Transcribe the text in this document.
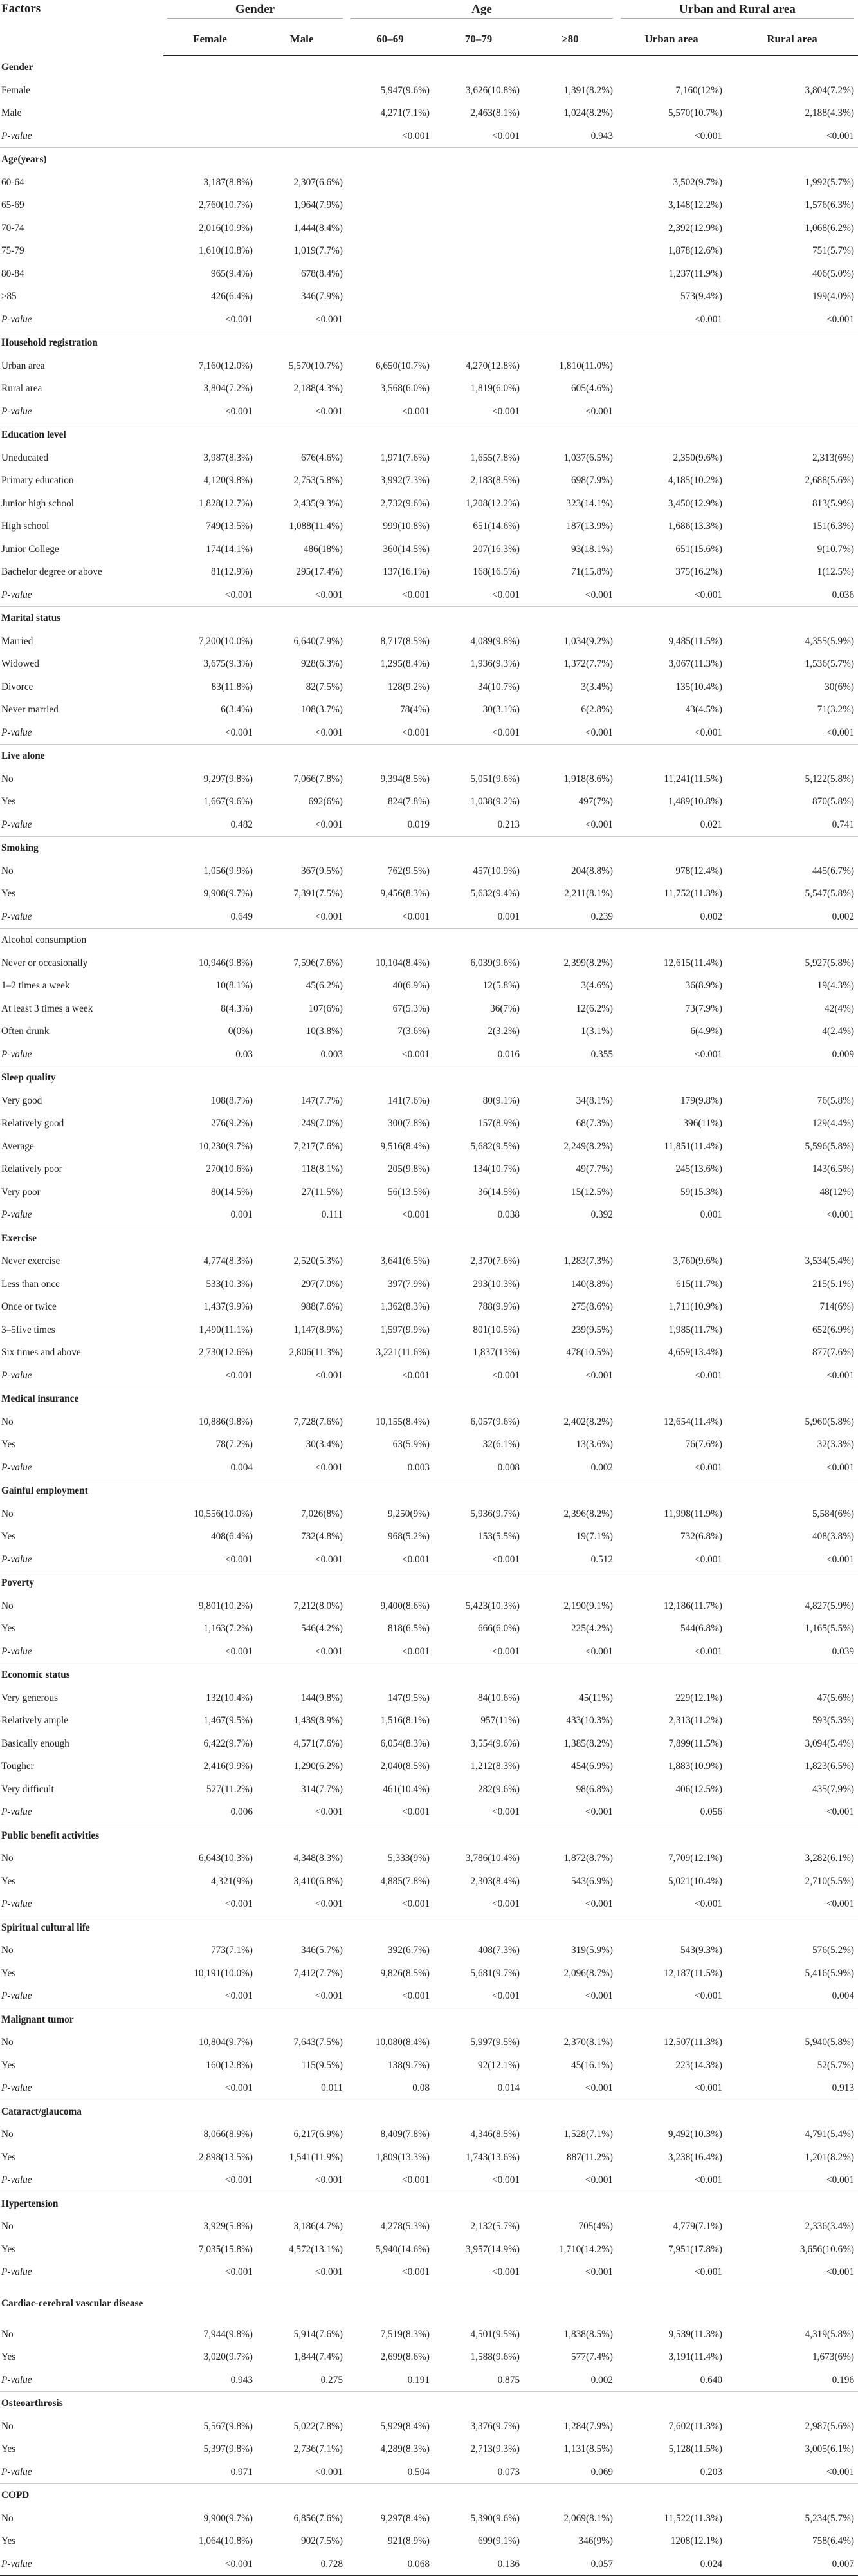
Factors	Gender		Age			Urban and Rural area	

	Female	Male	60–69	70–79	≥80	Urban area	Rural area
Gender							
Female			5,947(9.6%)	3,626(10.8%)	1,391(8.2%)	7,160(12%)	3,804(7.2%)
Male			4,271(7.1%)	2,463(8.1%)	1,024(8.2%)	5,570(10.7%)	2,188(4.3%)
P-value			<0.001	<0.001	0.943	<0.001	<0.001
Age(years)							
60-64	3,187(8.8%)	2,307(6.6%)				3,502(9.7%)	1,992(5.7%)
65-69	2,760(10.7%)	1,964(7.9%)				3,148(12.2%)	1,576(6.3%)
70-74	2,016(10.9%)	1,444(8.4%)				2,392(12.9%)	1,068(6.2%)
75-79	1,610(10.8%)	1,019(7.7%)				1,878(12.6%)	751(5.7%)
80-84	965(9.4%)	678(8.4%)				1,237(11.9%)	406(5.0%)
≥85	426(6.4%)	346(7.9%)				573(9.4%)	199(4.0%)
P-value	<0.001	<0.001				<0.001	<0.001
Household registration							
Urban area	7,160(12.0%)	5,570(10.7%)	6,650(10.7%)	4,270(12.8%)	1,810(11.0%)		
Rural area	3,804(7.2%)	2,188(4.3%)	3,568(6.0%)	1,819(6.0%)	605(4.6%)		
P-value	<0.001	<0.001	<0.001	<0.001	<0.001		
Education level							
Uneducated	3,987(8.3%)	676(4.6%)	1,971(7.6%)	1,655(7.8%)	1,037(6.5%)	2,350(9.6%)	2,313(6%)
Primary education	4,120(9.8%)	2,753(5.8%)	3,992(7.3%)	2,183(8.5%)	698(7.9%)	4,185(10.2%)	2,688(5.6%)
Junior high school	1,828(12.7%)	2,435(9.3%)	2,732(9.6%)	1,208(12.2%)	323(14.1%)	3,450(12.9%)	813(5.9%)
High school	749(13.5%)	1,088(11.4%)	999(10.8%)	651(14.6%)	187(13.9%)	1,686(13.3%)	151(6.3%)
Junior College	174(14.1%)	486(18%)	360(14.5%)	207(16.3%)	93(18.1%)	651(15.6%)	9(10.7%)
Bachelor degree or above	81(12.9%)	295(17.4%)	137(16.1%)	168(16.5%)	71(15.8%)	375(16.2%)	1(12.5%)
P-value	<0.001	<0.001	<0.001	<0.001	<0.001	<0.001	0.036
Marital status							
Married	7,200(10.0%)	6,640(7.9%)	8,717(8.5%)	4,089(9.8%)	1,034(9.2%)	9,485(11.5%)	4,355(5.9%)
Widowed	3,675(9.3%)	928(6.3%)	1,295(8.4%)	1,936(9.3%)	1,372(7.7%)	3,067(11.3%)	1,536(5.7%)
Divorce	83(11.8%)	82(7.5%)	128(9.2%)	34(10.7%)	3(3.4%)	135(10.4%)	30(6%)
Never married	6(3.4%)	108(3.7%)	78(4%)	30(3.1%)	6(2.8%)	43(4.5%)	71(3.2%)
P-value	<0.001	<0.001	<0.001	<0.001	<0.001	<0.001	<0.001
Live alone							
No	9,297(9.8%)	7,066(7.8%)	9,394(8.5%)	5,051(9.6%)	1,918(8.6%)	11,241(11.5%)	5,122(5.8%)
Yes	1,667(9.6%)	692(6%)	824(7.8%)	1,038(9.2%)	497(7%)	1,489(10.8%)	870(5.8%)
P-value	0.482	<0.001	0.019	0.213	<0.001	0.021	0.741
Smoking							
No	1,056(9.9%)	367(9.5%)	762(9.5%)	457(10.9%)	204(8.8%)	978(12.4%)	445(6.7%)
Yes	9,908(9.7%)	7,391(7.5%)	9,456(8.3%)	5,632(9.4%)	2,211(8.1%)	11,752(11.3%)	5,547(5.8%)
P-value	0.649	<0.001	<0.001	0.001	0.239	0.002	0.002
Alcohol consumption							
Never or occasionally	10,946(9.8%)	7,596(7.6%)	10,104(8.4%)	6,039(9.6%)	2,399(8.2%)	12,615(11.4%)	5,927(5.8%)
1–2 times a week	10(8.1%)	45(6.2%)	40(6.9%)	12(5.8%)	3(4.6%)	36(8.9%)	19(4.3%)
At least 3 times a week	8(4.3%)	107(6%)	67(5.3%)	36(7%)	12(6.2%)	73(7.9%)	42(4%)
Often drunk	0(0%)	10(3.8%)	7(3.6%)	2(3.2%)	1(3.1%)	6(4.9%)	4(2.4%)
P-value	0.03	0.003	<0.001	0.016	0.355	<0.001	0.009
Sleep quality							
Very good	108(8.7%)	147(7.7%)	141(7.6%)	80(9.1%)	34(8.1%)	179(9.8%)	76(5.8%)
Relatively good	276(9.2%)	249(7.0%)	300(7.8%)	157(8.9%)	68(7.3%)	396(11%)	129(4.4%)
Average	10,230(9.7%)	7,217(7.6%)	9,516(8.4%)	5,682(9.5%)	2,249(8.2%)	11,851(11.4%)	5,596(5.8%)
Relatively poor	270(10.6%)	118(8.1%)	205(9.8%)	134(10.7%)	49(7.7%)	245(13.6%)	143(6.5%)
Very poor	80(14.5%)	27(11.5%)	56(13.5%)	36(14.5%)	15(12.5%)	59(15.3%)	48(12%)
P-value	0.001	0.111	<0.001	0.038	0.392	0.001	<0.001
Exercise							
Never exercise	4,774(8.3%)	2,520(5.3%)	3,641(6.5%)	2,370(7.6%)	1,283(7.3%)	3,760(9.6%)	3,534(5.4%)
Less than once	533(10.3%)	297(7.0%)	397(7.9%)	293(10.3%)	140(8.8%)	615(11.7%)	215(5.1%)
Once or twice	1,437(9.9%)	988(7.6%)	1,362(8.3%)	788(9.9%)	275(8.6%)	1,711(10.9%)	714(6%)
3–5five times	1,490(11.1%)	1,147(8.9%)	1,597(9.9%)	801(10.5%)	239(9.5%)	1,985(11.7%)	652(6.9%)
Six times and above	2,730(12.6%)	2,806(11.3%)	3,221(11.6%)	1,837(13%)	478(10.5%)	4,659(13.4%)	877(7.6%)
P-value	<0.001	<0.001	<0.001	<0.001	<0.001	<0.001	<0.001
Medical insurance							
No	10,886(9.8%)	7,728(7.6%)	10,155(8.4%)	6,057(9.6%)	2,402(8.2%)	12,654(11.4%)	5,960(5.8%)
Yes	78(7.2%)	30(3.4%)	63(5.9%)	32(6.1%)	13(3.6%)	76(7.6%)	32(3.3%)
P-value	0.004	<0.001	0.003	0.008	0.002	<0.001	<0.001
Gainful employment							
No	10,556(10.0%)	7,026(8%)	9,250(9%)	5,936(9.7%)	2,396(8.2%)	11,998(11.9%)	5,584(6%)
Yes	408(6.4%)	732(4.8%)	968(5.2%)	153(5.5%)	19(7.1%)	732(6.8%)	408(3.8%)
P-value	<0.001	<0.001	<0.001	<0.001	0.512	<0.001	<0.001
Poverty							
No	9,801(10.2%)	7,212(8.0%)	9,400(8.6%)	5,423(10.3%)	2,190(9.1%)	12,186(11.7%)	4,827(5.9%)
Yes	1,163(7.2%)	546(4.2%)	818(6.5%)	666(6.0%)	225(4.2%)	544(6.8%)	1,165(5.5%)
P-value	<0.001	<0.001	<0.001	<0.001	<0.001	<0.001	0.039
Economic status							
Very generous	132(10.4%)	144(9.8%)	147(9.5%)	84(10.6%)	45(11%)	229(12.1%)	47(5.6%)
Relatively ample	1,467(9.5%)	1,439(8.9%)	1,516(8.1%)	957(11%)	433(10.3%)	2,313(11.2%)	593(5.3%)
Basically enough	6,422(9.7%)	4,571(7.6%)	6,054(8.3%)	3,554(9.6%)	1,385(8.2%)	7,899(11.5%)	3,094(5.4%)
Tougher	2,416(9.9%)	1,290(6.2%)	2,040(8.5%)	1,212(8.3%)	454(6.9%)	1,883(10.9%)	1,823(6.5%)
Very difficult	527(11.2%)	314(7.7%)	461(10.4%)	282(9.6%)	98(6.8%)	406(12.5%)	435(7.9%)
P-value	0.006	<0.001	<0.001	<0.001	<0.001	0.056	<0.001
Public benefit activities							
No	6,643(10.3%)	4,348(8.3%)	5,333(9%)	3,786(10.4%)	1,872(8.7%)	7,709(12.1%)	3,282(6.1%)
Yes	4,321(9%)	3,410(6.8%)	4,885(7.8%)	2,303(8.4%)	543(6.9%)	5,021(10.4%)	2,710(5.5%)
P-value	<0.001	<0.001	<0.001	<0.001	<0.001	<0.001	<0.001
Spiritual cultural life							
No	773(7.1%)	346(5.7%)	392(6.7%)	408(7.3%)	319(5.9%)	543(9.3%)	576(5.2%)
Yes	10,191(10.0%)	7,412(7.7%)	9,826(8.5%)	5,681(9.7%)	2,096(8.7%)	12,187(11.5%)	5,416(5.9%)
P-value	<0.001	<0.001	<0.001	<0.001	<0.001	<0.001	0.004
Malignant tumor							
No	10,804(9.7%)	7,643(7.5%)	10,080(8.4%)	5,997(9.5%)	2,370(8.1%)	12,507(11.3%)	5,940(5.8%)
Yes	160(12.8%)	115(9.5%)	138(9.7%)	92(12.1%)	45(16.1%)	223(14.3%)	52(5.7%)
P-value	<0.001	0.011	0.08	0.014	<0.001	<0.001	0.913
Cataract/glaucoma							
No	8,066(8.9%)	6,217(6.9%)	8,409(7.8%)	4,346(8.5%)	1,528(7.1%)	9,492(10.3%)	4,791(5.4%)
Yes	2,898(13.5%)	1,541(11.9%)	1,809(13.3%)	1,743(13.6%)	887(11.2%)	3,238(16.4%)	1,201(8.2%)
P-value	<0.001	<0.001	<0.001	<0.001	<0.001	<0.001	<0.001
Hypertension							
No	3,929(5.8%)	3,186(4.7%)	4,278(5.3%)	2,132(5.7%)	705(4%)	4,779(7.1%)	2,336(3.4%)
Yes	7,035(15.8%)	4,572(13.1%)	5,940(14.6%)	3,957(14.9%)	1,710(14.2%)	7,951(17.8%)	3,656(10.6%)
P-value	<0.001	<0.001	<0.001	<0.001	<0.001	<0.001	<0.001
Cardiac-cerebral vascular disease							
No	7,944(9.8%)	5,914(7.6%)	7,519(8.3%)	4,501(9.5%)	1,838(8.5%)	9,539(11.3%)	4,319(5.8%)
Yes	3,020(9.7%)	1,844(7.4%)	2,699(8.6%)	1,588(9.6%)	577(7.4%)	3,191(11.4%)	1,673(6%)
P-value	0.943	0.275	0.191	0.875	0.002	0.640	0.196
Osteoarthrosis							
No	5,567(9.8%)	5,022(7.8%)	5,929(8.4%)	3,376(9.7%)	1,284(7.9%)	7,602(11.3%)	2,987(5.6%)
Yes	5,397(9.8%)	2,736(7.1%)	4,289(8.3%)	2,713(9.3%)	1,131(8.5%)	5,128(11.5%)	3,005(6.1%)
P-value	0.971	<0.001	0.504	0.073	0.069	0.203	<0.001
COPD							
No	9,900(9.7%)	6,856(7.6%)	9,297(8.4%)	5,390(9.6%)	2,069(8.1%)	11,522(11.3%)	5,234(5.7%)
Yes	1,064(10.8%)	902(7.5%)	921(8.9%)	699(9.1%)	346(9%)	1208(12.1%)	758(6.4%)
P-value	<0.001	0.728	0.068	0.136	0.057	0.024	0.007
